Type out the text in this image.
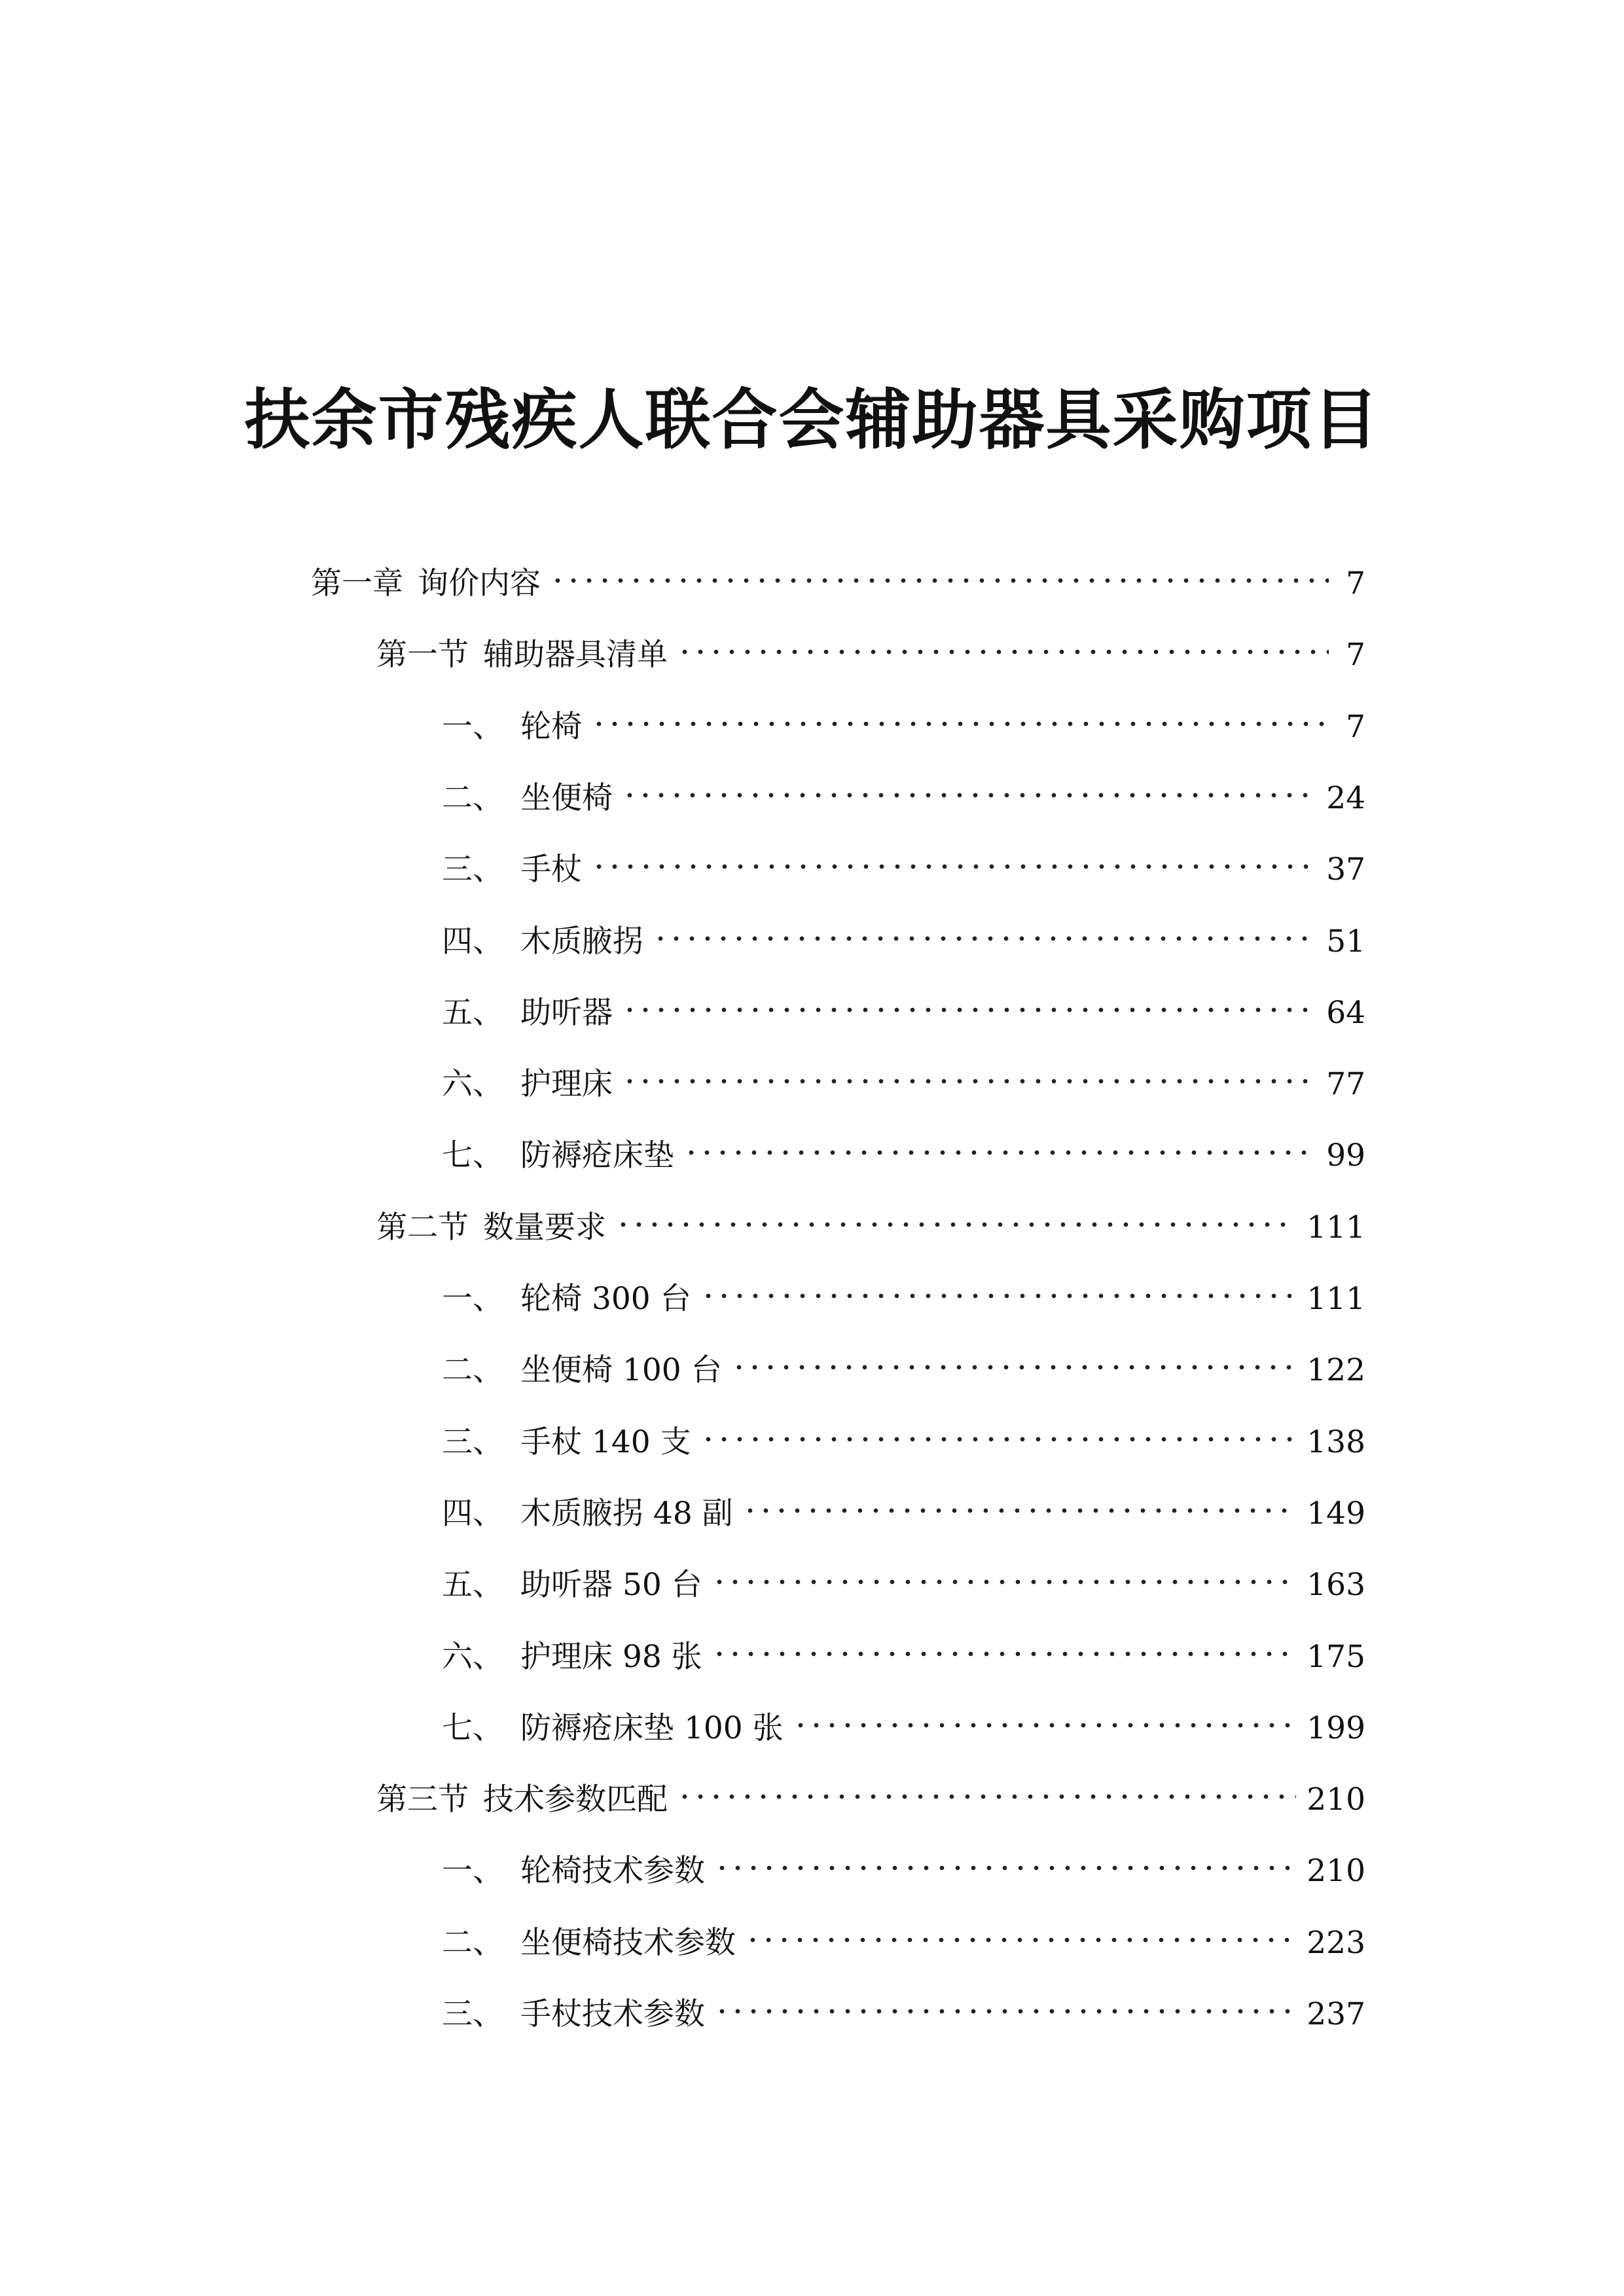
扶余市残疾人联合会辅助器具采购项目
第一章 询价内容	7
第一节 辅助器具清单	7
一、 轮椅	7
二、 坐便椅	24
三、 手杖	37
四、 木质腋拐	51
五、 助听器	64
六、 护理床	77
七、 防褥疮床垫	99
第二节 数量要求	111
一、 轮椅 300 台	111
二、 坐便椅 100 台	122
三、 手杖 140 支	138
四、 木质腋拐 48 副	149
五、 助听器 50 台	163
六、 护理床 98 张	175
七、 防褥疮床垫 100 张	199
第三节 技术参数匹配	210
一、 轮椅技术参数	210
二、 坐便椅技术参数	223
三、 手杖技术参数	237
